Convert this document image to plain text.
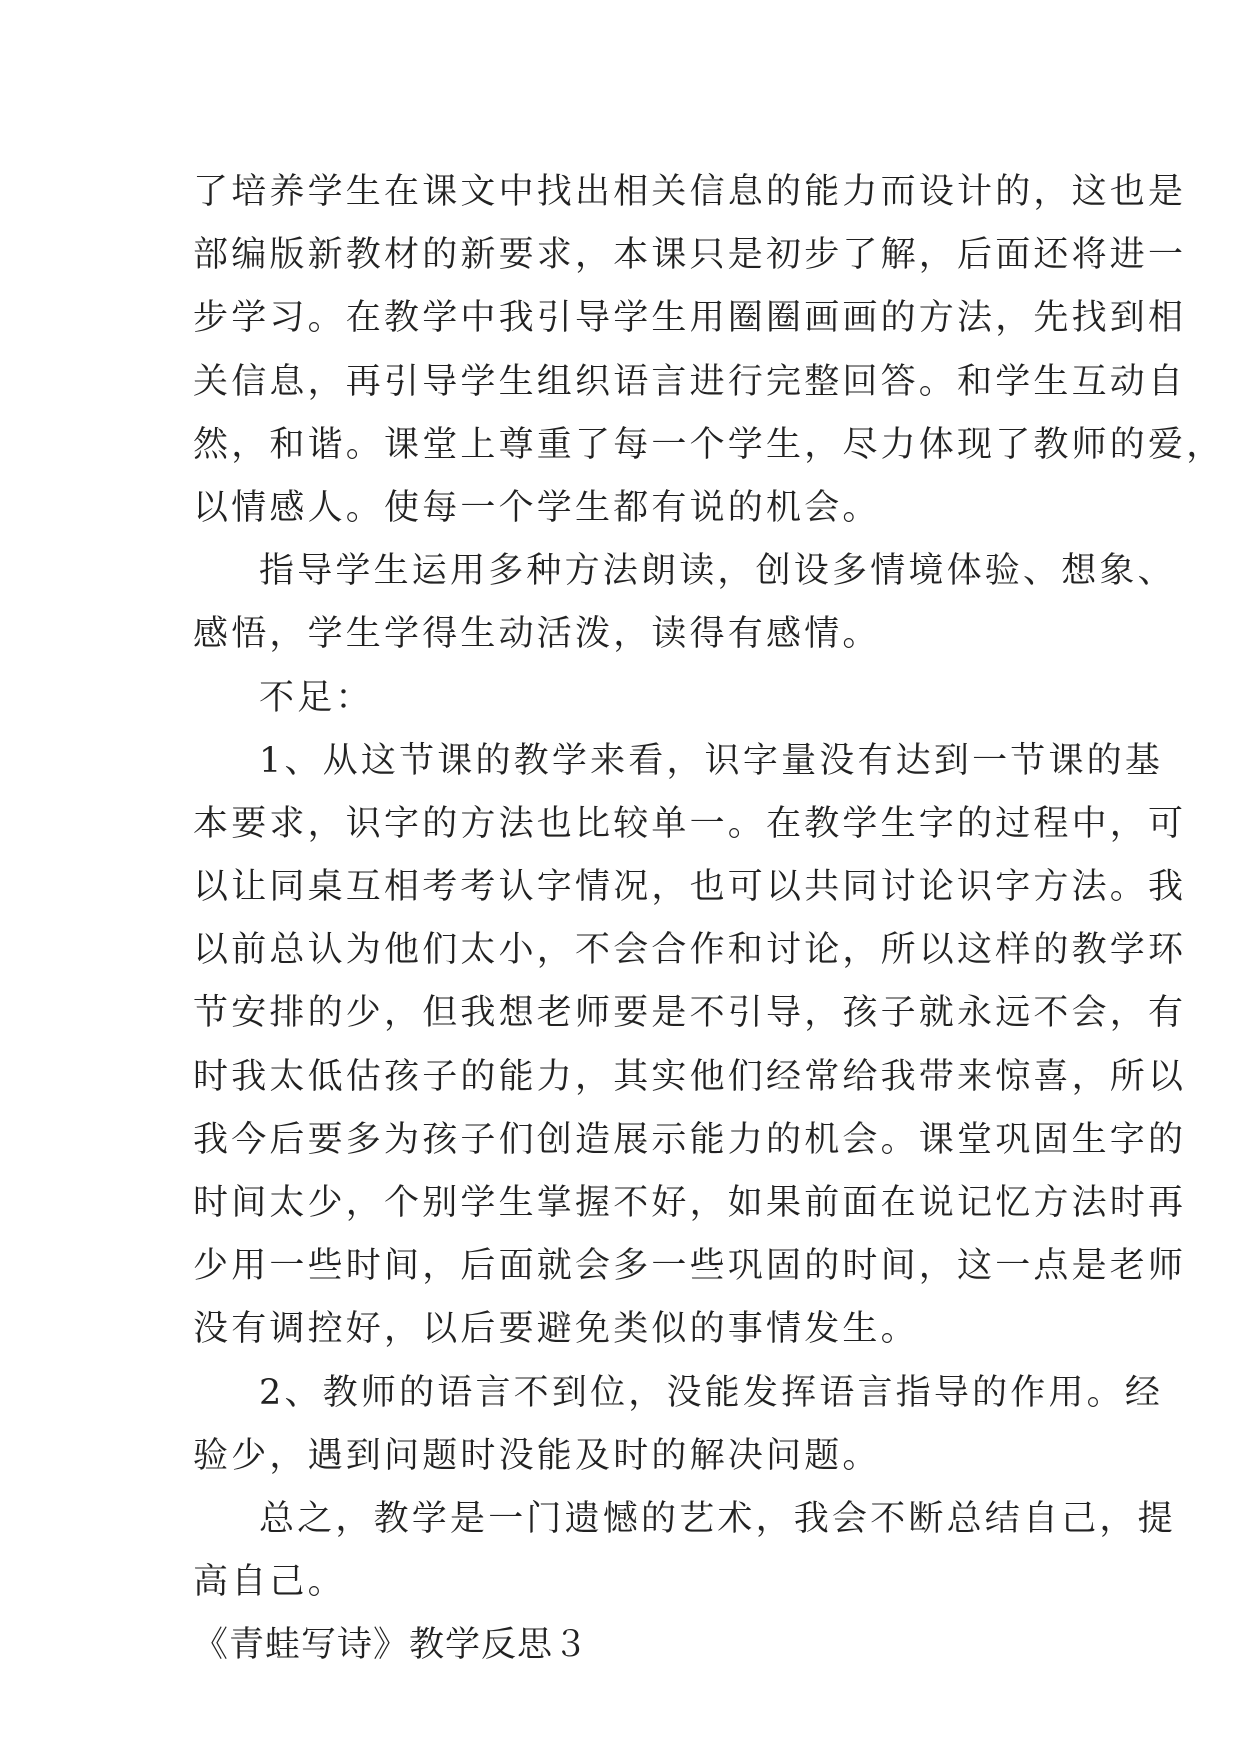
了培养学生在课文中找出相关信息的能力而设计的，这也是
部编版新教材的新要求，本课只是初步了解，后面还将进一
步学习。在教学中我引导学生用圈圈画画的方法，先找到相
关信息，再引导学生组织语言进行完整回答。和学生互动自
然，和谐。课堂上尊重了每一个学生，尽力体现了教师的爱，
以情感人。使每一个学生都有说的机会。
指导学生运用多种方法朗读，创设多情境体验、想象、
感悟，学生学得生动活泼，读得有感情。
不足：
1、从这节课的教学来看，识字量没有达到一节课的基
本要求，识字的方法也比较单一。在教学生字的过程中，可
以让同桌互相考考认字情况，也可以共同讨论识字方法。我
以前总认为他们太小，不会合作和讨论，所以这样的教学环
节安排的少，但我想老师要是不引导，孩子就永远不会，有
时我太低估孩子的能力，其实他们经常给我带来惊喜，所以
我今后要多为孩子们创造展示能力的机会。课堂巩固生字的
时间太少，个别学生掌握不好，如果前面在说记忆方法时再
少用一些时间，后面就会多一些巩固的时间，这一点是老师
没有调控好，以后要避免类似的事情发生。
2、教师的语言不到位，没能发挥语言指导的作用。经
验少，遇到问题时没能及时的解决问题。
总之，教学是一门遗憾的艺术，我会不断总结自己，提
高自己。
《青蛙写诗》教学反思３
